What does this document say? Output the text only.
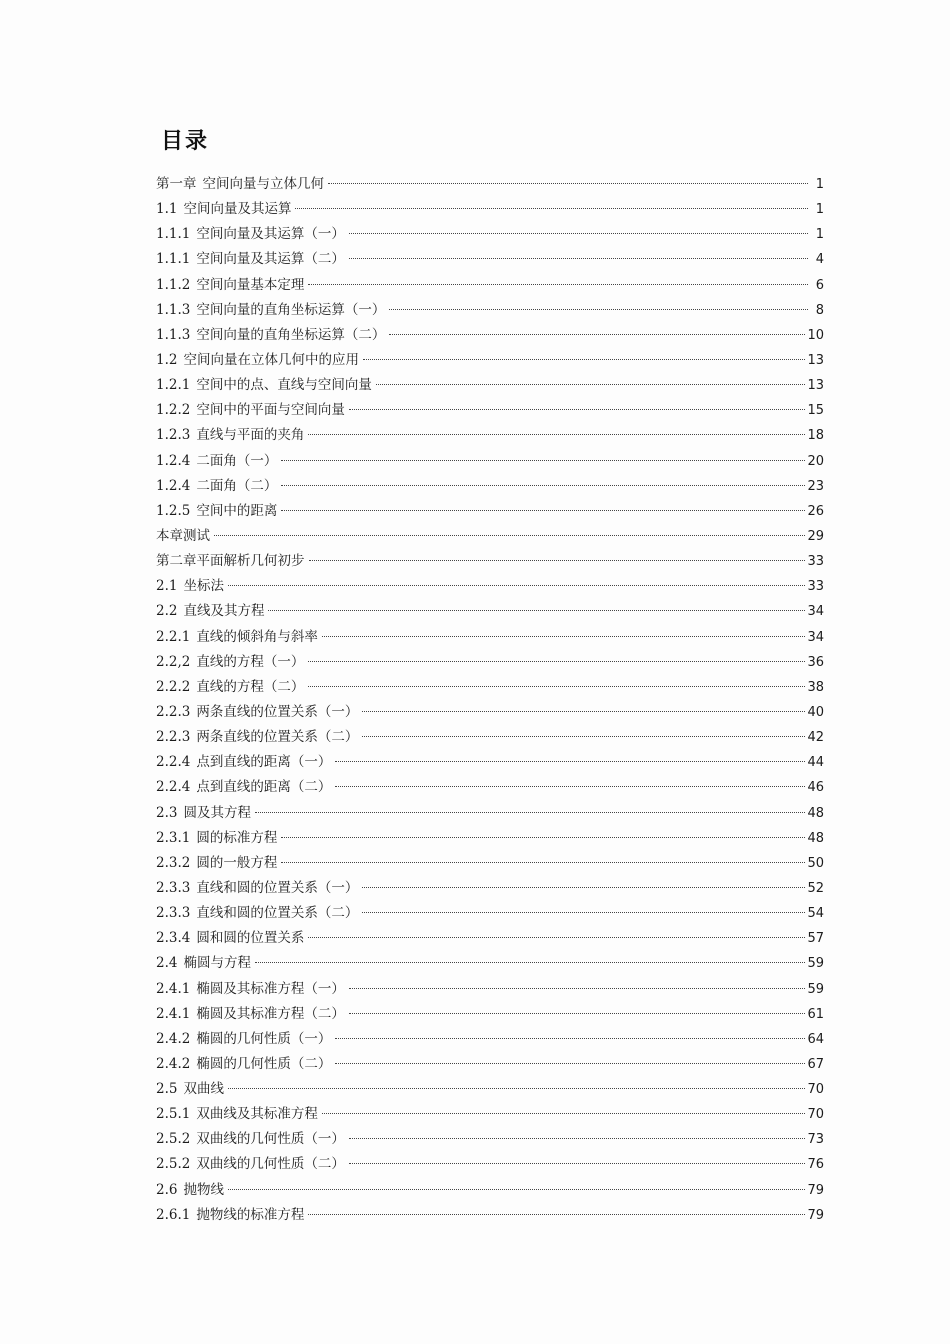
目录
第一章 空间向量与立体几何	1
1.1 空间向量及其运算	1
1.1.1 空间向量及其运算（一）	1
1.1.1 空间向量及其运算（二）	4
1.1.2 空间向量基本定理	6
1.1.3 空间向量的直角坐标运算（一）	8
1.1.3 空间向量的直角坐标运算（二）	10
1.2 空间向量在立体几何中的应用	13
1.2.1 空间中的点、直线与空间向量	13
1.2.2 空间中的平面与空间向量	15
1.2.3 直线与平面的夹角	18
1.2.4 二面角（一）	20
1.2.4 二面角（二）	23
1.2.5 空间中的距离	26
本章测试	29
第二章平面解析几何初步	33
2.1 坐标法	33
2.2 直线及其方程	34
2.2.1 直线的倾斜角与斜率	34
2.2,2 直线的方程（一）	36
2.2.2 直线的方程（二）	38
2.2.3 两条直线的位置关系（一）	40
2.2.3 两条直线的位置关系（二）	42
2.2.4 点到直线的距离（一）	44
2.2.4 点到直线的距离（二）	46
2.3 圆及其方程	48
2.3.1 圆的标准方程	48
2.3.2 圆的一般方程	50
2.3.3 直线和圆的位置关系（一）	52
2.3.3 直线和圆的位置关系（二）	54
2.3.4 圆和圆的位置关系	57
2.4 椭圆与方程	59
2.4.1 椭圆及其标准方程（一）	59
2.4.1 椭圆及其标准方程（二）	61
2.4.2 椭圆的几何性质（一）	64
2.4.2 椭圆的几何性质（二）	67
2.5 双曲线	70
2.5.1 双曲线及其标准方程	70
2.5.2 双曲线的几何性质（一）	73
2.5.2 双曲线的几何性质（二）	76
2.6 抛物线	79
2.6.1 抛物线的标准方程	79
